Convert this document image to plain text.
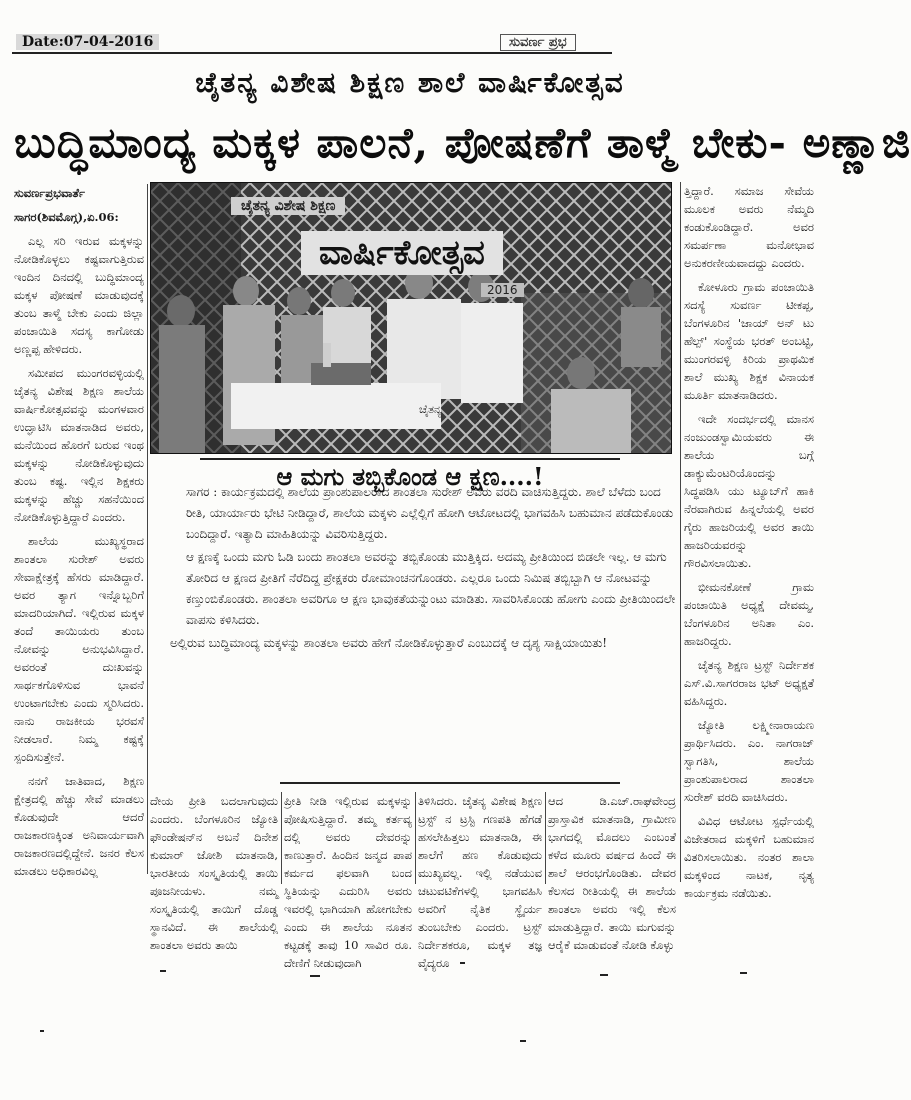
Date:07-04-2016	ಸುವರ್ಣ ಪ್ರಭ
ಚೈತನ್ಯ ವಿಶೇಷ ಶಿಕ್ಷಣ ಶಾಲೆ ವಾರ್ಷಿಕೋತ್ಸವ
ಬುದ್ಧಿಮಾಂದ್ಯ ಮಕ್ಕಳ ಪಾಲನೆ, ಪೋಷಣೆಗೆ ತಾಳ್ಮೆ ಬೇಕು- ಅಣ್ಣಾಜಿ

ಸುವರ್ಣಪ್ರಭವಾರ್ತೆ

ಸಾಗರ(ಶಿವಮೊಗ್ಗ),ಏ.06:

ಎಲ್ಲ ಸರಿ ಇರುವ ಮಕ್ಕಳನ್ನು ನೋಡಿಕೊಳ್ಳಲು ಕಷ್ಟವಾಗುತ್ತಿರುವ ಇಂದಿನ ದಿನದಲ್ಲಿ ಬುದ್ಧಿಮಾಂದ್ಯ ಮಕ್ಕಳ ಪೋಷಣೆ ಮಾಡುವುದಕ್ಕೆ ತುಂಬ ತಾಳ್ಮೆ ಬೇಕು ಎಂದು ಜಿಲ್ಲಾ ಪಂಚಾಯಿತಿ ಸದಸ್ಯ ಕಾಗೋಡು ಅಣ್ಣಪ್ಪ ಹೇಳಿದರು.

ಸಮೀಪದ ಮುಂಗರವಳ್ಳಿಯಲ್ಲಿ ಚೈತನ್ಯ ವಿಶೇಷ ಶಿಕ್ಷಣ ಶಾಲೆಯ ವಾರ್ಷಿಕೋತ್ಸವವನ್ನು ಮಂಗಳವಾರ ಉದ್ಘಾಟಿಸಿ ಮಾತನಾಡಿದ ಅವರು, ಮನೆಯಿಂದ ಹೊರಗೆ ಬರುವ ಇಂಥ ಮಕ್ಕಳನ್ನು ನೋಡಿಕೊಳ್ಳುವುದು ತುಂಬ ಕಷ್ಟ. ಇಲ್ಲಿನ ಶಿಕ್ಷಕರು ಮಕ್ಕಳನ್ನು ಹೆಚ್ಚು ಸಹನೆಯಿಂದ ನೋಡಿಕೊಳ್ಳುತ್ತಿದ್ದಾರೆ ಎಂದರು.

ಶಾಲೆಯ ಮುಖ್ಯಸ್ಥರಾದ ಶಾಂತಲಾ ಸುರೇಶ್ ಅವರು ಸೇವಾಕ್ಷೇತ್ರಕ್ಕೆ ಹೆಸರು ಮಾಡಿದ್ದಾರೆ. ಅವರ ತ್ಯಾಗ ಇನ್ನೊಬ್ಬರಿಗೆ ಮಾದರಿಯಾಗಿದೆ. ಇಲ್ಲಿರುವ ಮಕ್ಕಳ ತಂದೆ ತಾಯಿಯರು ತುಂಬ ನೋವನ್ನು ಅನುಭವಿಸಿದ್ದಾರೆ. ಅವರಂತೆ ದುಃಖವನ್ನು ಸಾರ್ಥಕಗೊಳಿಸುವ ಭಾವನೆ ಉಂಟಾಗಬೇಕು ಎಂದು ಸ್ಮರಿಸಿದರು. ನಾನು ರಾಜಕೀಯ ಭರವಸೆ ನೀಡಲಾರೆ. ನಿಮ್ಮ ಕಷ್ಟಕ್ಕೆ ಸ್ಪಂದಿಸುತ್ತೇನೆ.

ನನಗೆ ಜಾತಿವಾದ, ಶಿಕ್ಷಣ ಕ್ಷೇತ್ರದಲ್ಲಿ ಹೆಚ್ಚು ಸೇವೆ ಮಾಡಲು ಕೊಡುವುದೇ ಆದರೆ ರಾಜಕಾರಣಕ್ಕಿಂತ ಅನಿವಾರ್ಯವಾಗಿ ರಾಜಕಾರಣದಲ್ಲಿದ್ದೇನೆ. ಜನರ ಕೆಲಸ ಮಾಡಲು ಅಧಿಕಾರವಿಲ್ಲ

ಚೈತನ್ಯ ವಿಶೇಷ ಶಿಕ್ಷಣ
ವಾರ್ಷಿಕೋತ್ಸವ
2016
ಚೈತನ್ಯ
ಆ ಮಗು ತಬ್ಬಿಕೊಂಡ ಆ ಕ್ಷಣ....!

ಸಾಗರ : ಕಾರ್ಯಕ್ರಮದಲ್ಲಿ ಶಾಲೆಯ ಪ್ರಾಂಶುಪಾಲರಾದ ಶಾಂತಲಾ ಸುರೇಶ್ ಅವರು ವರದಿ ವಾಚಿಸುತ್ತಿದ್ದರು. ಶಾಲೆ ಬೆಳೆದು ಬಂದ ರೀತಿ, ಯಾರ್ಯಾರು ಭೇಟಿ ನೀಡಿದ್ದಾರೆ, ಶಾಲೆಯ ಮಕ್ಕಳು ಎಲ್ಲೆಲ್ಲಿಗೆ ಹೋಗಿ ಆಟೋಟದಲ್ಲಿ ಭಾಗವಹಿಸಿ ಬಹುಮಾನ ಪಡೆದುಕೊಂಡು ಬಂದಿದ್ದಾರೆ. ಇತ್ಯಾದಿ ಮಾಹಿತಿಯನ್ನು ವಿವರಿಸುತ್ತಿದ್ದರು.

ಆ ಕ್ಷಣಕ್ಕೆ ಒಂದು ಮಗು ಓಡಿ ಬಂದು ಶಾಂತಲಾ ಅವರನ್ನು ತಬ್ಬಿಕೊಂಡು ಮುತ್ತಿಕ್ಕಿದ. ಅದಮ್ಯ ಪ್ರೀತಿಯಿಂದ ಬಿಡಲೇ ಇಲ್ಲ. ಆ ಮಗು ತೋರಿದ ಆ ಕ್ಷಣದ ಪ್ರೀತಿಗೆ ನೆರೆದಿದ್ದ ಪ್ರೇಕ್ಷಕರು ರೋಮಾಂಚನಗೊಂಡರು. ಎಲ್ಲರೂ ಒಂದು ನಿಮಿಷ ತಬ್ಬಿಬ್ಬಾಗಿ ಆ ನೋಟವನ್ನು ಕಣ್ತುಂಬಿಕೊಂಡರು. ಶಾಂತಲಾ ಅವರಿಗೂ ಆ ಕ್ಷಣ ಭಾವುಕತೆಯನ್ನುಂಟು ಮಾಡಿತು. ಸಾವರಿಸಿಕೊಂಡು ಹೋಗು ಎಂದು ಪ್ರೀತಿಯಿಂದಲೇ ವಾಪಸು ಕಳಿಸಿದರು.

ಅಲ್ಲಿರುವ ಬುದ್ಧಿಮಾಂದ್ಯ ಮಕ್ಕಳನ್ನು ಶಾಂತಲಾ ಅವರು ಹೇಗೆ ನೋಡಿಕೊಳ್ಳುತ್ತಾರೆ ಎಂಬುದಕ್ಕೆ ಆ ದೃಶ್ಯ ಸಾಕ್ಷಿಯಾಯಿತು!

ದೇಯ ಪ್ರೀತಿ ಬದಲಾಗುವುದು ಎಂದರು. ಬೆಂಗಳೂರಿನ ಜ್ಯೋತಿ ಫೌಂಡೇಷನ್‌ನ ಅಬನೆ ದಿನೇಶ ಕುಮಾರ್ ಜೋಶಿ ಮಾತನಾಡಿ, ಭಾರತೀಯ ಸಂಸ್ಕೃತಿಯಲ್ಲಿ ತಾಯಿ ಪೂಜನೀಯಳು. ನಮ್ಮ ಸಂಸ್ಕೃತಿಯಲ್ಲಿ ತಾಯಿಗೆ ದೊಡ್ಡ ಸ್ಥಾನವಿದೆ. ಈ ಶಾಲೆಯಲ್ಲಿ ಶಾಂತಲಾ ಅವರು ತಾಯಿ

ಪ್ರೀತಿ ನೀಡಿ ಇಲ್ಲಿರುವ ಮಕ್ಕಳನ್ನು ಪೋಷಿಸುತ್ತಿದ್ದಾರೆ. ತಮ್ಮ ಕರ್ತವ್ಯ ದಲ್ಲಿ ಅವರು ದೇವರನ್ನು ಕಾಣುತ್ತಾರೆ. ಹಿಂದಿನ ಜನ್ಮದ ಪಾಪ ಕರ್ಮದ ಫಲವಾಗಿ ಬಂದ ಸ್ಥಿತಿಯನ್ನು ಎದುರಿಸಿ ಅವರು ಇವರಲ್ಲಿ ಭಾಗಿಯಾಗಿ ಹೋಗಬೇಕು ಎಂದು ಈ ಶಾಲೆಯ ನೂತನ ಕಟ್ಟಡಕ್ಕೆ ತಾವು 10 ಸಾವಿರ ರೂ. ದೇಣಿಗೆ ನೀಡುವುದಾಗಿ

ತಿಳಿಸಿದರು. ಚೈತನ್ಯ ವಿಶೇಷ ಶಿಕ್ಷಣ ಟ್ರಸ್ಟ್ ನ ಟ್ರಸ್ಟಿ ಗಣಪತಿ ಹೆಗಡೆ ಹಸಲೇಹಿತ್ತಲು ಮಾತನಾಡಿ, ಈ ಶಾಲೆಗೆ ಹಣ ಕೊಡುವುದು ಮುಖ್ಯವಲ್ಲ. ಇಲ್ಲಿ ನಡೆಯುವ ಚಟುವಟಿಕೆಗಳಲ್ಲಿ ಭಾಗವಹಿಸಿ ಅವರಿಗೆ ನೈತಿಕ ಸ್ಥೈರ್ಯ ತುಂಬಬೇಕು ಎಂದರು. ಟ್ರಸ್ಟ್ ನಿರ್ದೇಶಕರೂ, ಮಕ್ಕಳ ತಜ್ಞ ವೈದ್ಯರೂ

ಆದ ಡಿ.ಎಚ್.ರಾಘವೇಂದ್ರ ಪ್ರಾಸ್ತಾವಿಕ ಮಾತನಾಡಿ, ಗ್ರಾಮೀಣ ಭಾಗದಲ್ಲಿ ಮೊದಲು ಎಂಬಂತೆ ಕಳೆದ ಮೂರು ವರ್ಷದ ಹಿಂದೆ ಈ ಶಾಲೆ ಆರಂಭಗೊಂಡಿತು. ದೇವರ ಕೆಲಸದ ರೀತಿಯಲ್ಲಿ ಈ ಶಾಲೆಯ ಶಾಂತಲಾ ಅವರು ಇಲ್ಲಿ ಕೆಲಸ ಮಾಡುತ್ತಿದ್ದಾರೆ. ತಾಯಿ ಮಗುವನ್ನು ಆರೈಕೆ ಮಾಡುವಂತೆ ನೋಡಿ ಕೊಳ್ಳು

ತ್ತಿದ್ದಾರೆ. ಸಮಾಜ ಸೇವೆಯ ಮೂಲಕ ಅವರು ನೆಮ್ಮದಿ ಕಂಡುಕೊಂಡಿದ್ದಾರೆ. ಅವರ ಸಮರ್ಪಣಾ ಮನೋಭಾವ ಅನುಕರಣೀಯವಾದದ್ದು ಎಂದರು.

ಕೋಳೂರು ಗ್ರಾಮ ಪಂಚಾಯಿತಿ ಸದಸ್ಯೆ ಸುವರ್ಣ ಟೀಕಪ್ಪ, ಬೆಂಗಳೂರಿನ 'ಜಾಯ್ ಅನ್ ಟು ಹೆಲ್ಪ್' ಸಂಸ್ಥೆಯ ಭರತ್ ಅಂಬಟ್ಟಿ, ಮುಂಗರವಳ್ಳಿ ಕಿರಿಯ ಪ್ರಾಥಮಿಕ ಶಾಲೆ ಮುಖ್ಯ ಶಿಕ್ಷಕ ವಿನಾಯಕ ಮೂರ್ತಿ ಮಾತನಾಡಿದರು.

ಇದೇ ಸಂದರ್ಭದಲ್ಲಿ ಮಾನಸ ನಂಜುಂಡಸ್ವಾಮಿಯವರು ಈ ಶಾಲೆಯ ಬಗ್ಗೆ ಡಾಕ್ಯುಮೆಂಟರಿಯೊಂದನ್ನು ಸಿದ್ಧಪಡಿಸಿ ಯು ಟ್ಯೂಬ್‌ಗೆ ಹಾಕಿ ನೆರವಾಗಿರುವ ಹಿನ್ನಲೆಯಲ್ಲಿ ಅವರ ಗೈರು ಹಾಜರಿಯಲ್ಲಿ ಅವರ ತಾಯಿ ಹಾಜರಿಯವರನ್ನು ಗೌರವಿಸಲಾಯಿತು.

ಭೀಮನಕೋಣೆ ಗ್ರಾಮ ಪಂಚಾಯಿತಿ ಅಧ್ಯಕ್ಷೆ ದೇವಮ್ಮ, ಬೆಂಗಳೂರಿನ ಅನಿತಾ ಎಂ. ಹಾಜರಿದ್ದರು.

ಚೈತನ್ಯ ಶಿಕ್ಷಣ ಟ್ರಸ್ಟ್ ನಿರ್ದೇಶಕ ಎಸ್.ವಿ.ಸಾಗರರಾಜ ಭಟ್ ಅಧ್ಯಕ್ಷತೆ ವಹಿಸಿದ್ದರು.

ಜ್ಯೋತಿ ಲಕ್ಷ್ಮೀನಾರಾಯಣ ಪ್ರಾರ್ಥಿಸಿದರು. ಎಂ. ನಾಗರಾಜ್ ಸ್ವಾಗತಿಸಿ, ಶಾಲೆಯ ಪ್ರಾಂಶುಪಾಲರಾದ ಶಾಂತಲಾ ಸುರೇಶ್ ವರದಿ ವಾಚಿಸಿದರು.

ವಿವಿಧ ಆಟೋಟ ಸ್ಪರ್ಧೆಯಲ್ಲಿ ವಿಜೇತರಾದ ಮಕ್ಕಳಿಗೆ ಬಹುಮಾನ ವಿತರಿಸಲಾಯಿತು. ನಂತರ ಶಾಲಾ ಮಕ್ಕಳಿಂದ ನಾಟಕ, ನೃತ್ಯ ಕಾರ್ಯಕ್ರಮ ನಡೆಯಿತು.
